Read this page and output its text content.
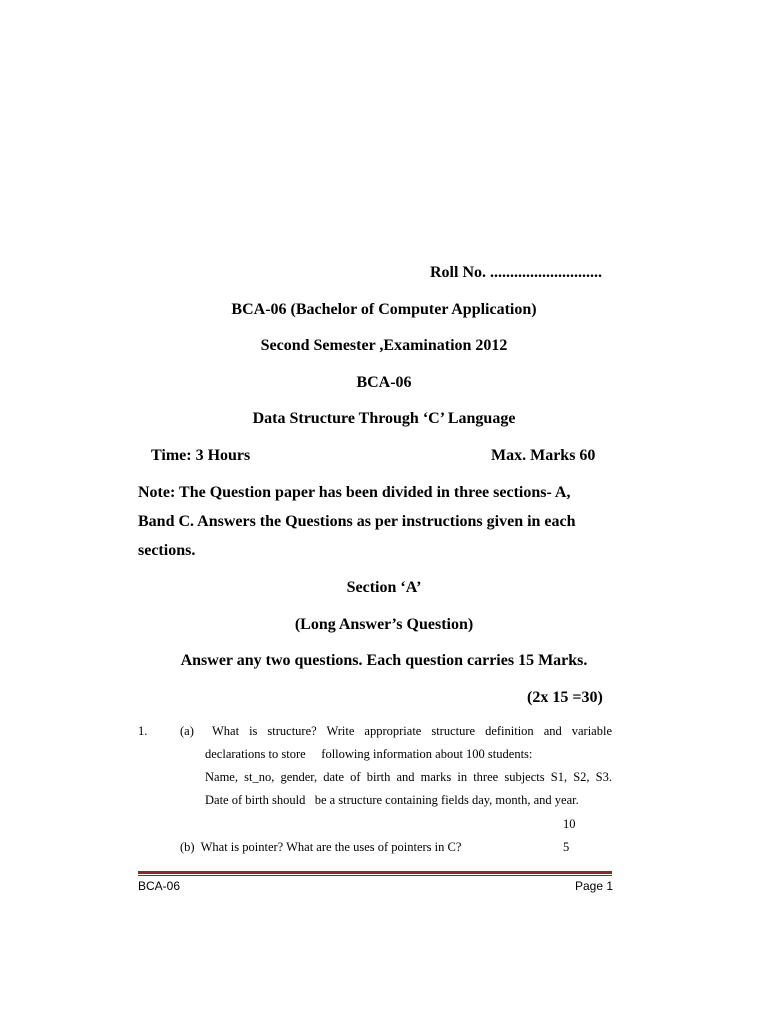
Roll No. ............................
BCA-06 (Bachelor of Computer Application)
Second Semester ,Examination 2012
BCA-06
Data Structure Through ‘C’ Language
Time: 3 Hours	Max. Marks 60
Note: The Question paper has been divided in three sections- A,
Band C. Answers the Questions as per instructions given in each
sections.
Section ‘A’
(Long Answer’s Question)
Answer any two questions. Each question carries 15 Marks.
(2x 15 =30)
1.	(a) What is structure? Write appropriate structure definition and variable
declarations to store     following information about 100 students:
Name, st_no, gender, date of birth and marks in three subjects S1, S2, S3.
Date of birth should   be a structure containing fields day, month, and year.
10
(b)  What is pointer? What are the uses of pointers in C?	5
BCA-06	Page 1
